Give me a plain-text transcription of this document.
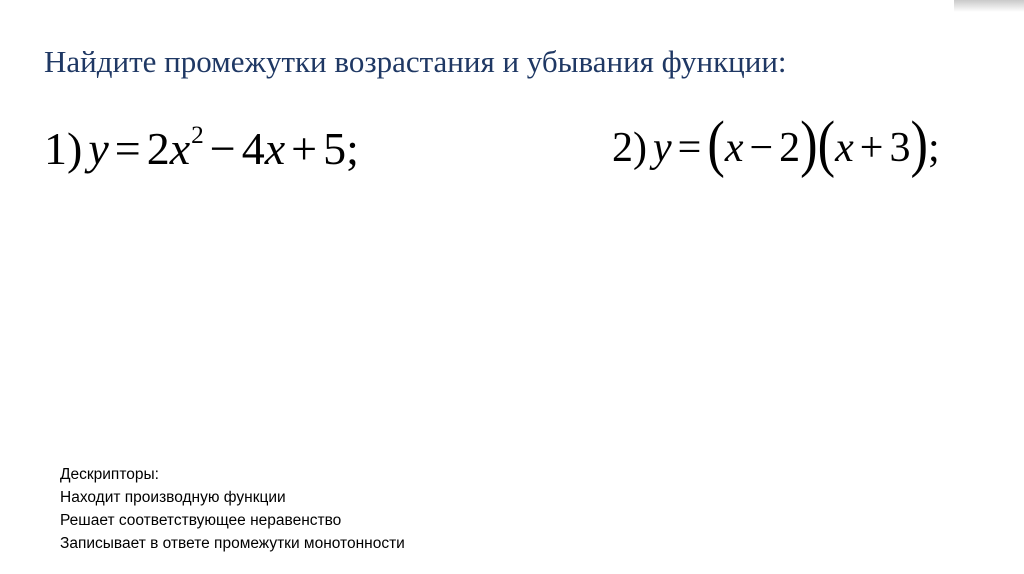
Найдите промежутки возрастания и убывания функции:
1) y = 2 x 2 − 4 x + 5 ;	2) y = ( x − 2 ) ( x + 3 ) ;
Дескрипторы:
Находит производную функции
Решает соответствующее неравенство
Записывает в ответе промежутки монотонности
